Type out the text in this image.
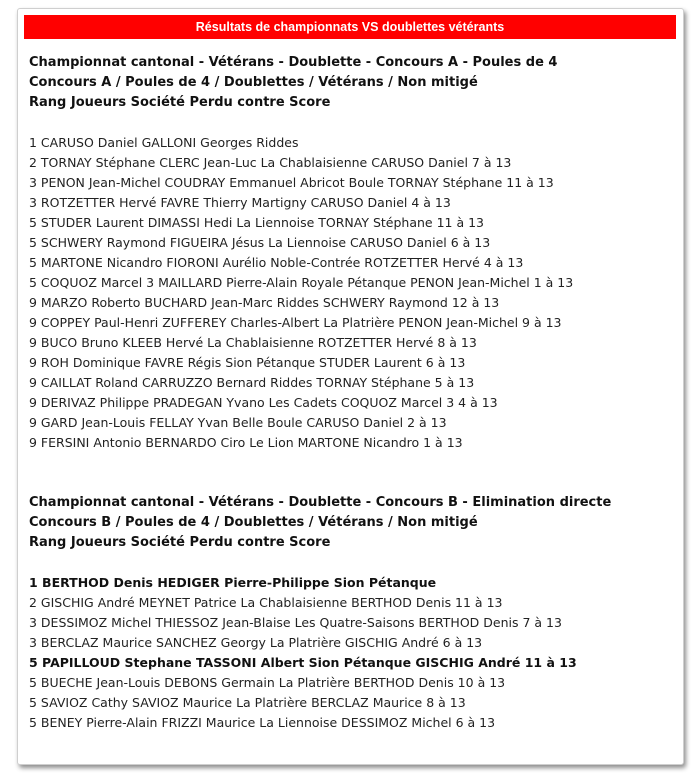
Résultats de championnats VS doublettes vétérants
Championnat cantonal - Vétérans - Doublette - Concours A - Poules de 4
Concours A / Poules de 4 / Doublettes / Vétérans / Non mitigé
Rang Joueurs Société Perdu contre Score
1 CARUSO Daniel GALLONI Georges Riddes
2 TORNAY Stéphane CLERC Jean-Luc La Chablaisienne CARUSO Daniel 7 à 13
3 PENON Jean-Michel COUDRAY Emmanuel Abricot Boule TORNAY Stéphane 11 à 13
3 ROTZETTER Hervé FAVRE Thierry Martigny CARUSO Daniel 4 à 13
5 STUDER Laurent DIMASSI Hedi La Liennoise TORNAY Stéphane 11 à 13
5 SCHWERY Raymond FIGUEIRA Jésus La Liennoise CARUSO Daniel 6 à 13
5 MARTONE Nicandro FIORONI Aurélio Noble-Contrée ROTZETTER Hervé 4 à 13
5 COQUOZ Marcel 3 MAILLARD Pierre-Alain Royale Pétanque PENON Jean-Michel 1 à 13
9 MARZO Roberto BUCHARD Jean-Marc Riddes SCHWERY Raymond 12 à 13
9 COPPEY Paul-Henri ZUFFEREY Charles-Albert La Platrière PENON Jean-Michel 9 à 13
9 BUCO Bruno KLEEB Hervé La Chablaisienne ROTZETTER Hervé 8 à 13
9 ROH Dominique FAVRE Régis Sion Pétanque STUDER Laurent 6 à 13
9 CAILLAT Roland CARRUZZO Bernard Riddes TORNAY Stéphane 5 à 13
9 DERIVAZ Philippe PRADEGAN Yvano Les Cadets COQUOZ Marcel 3 4 à 13
9 GARD Jean-Louis FELLAY Yvan Belle Boule CARUSO Daniel 2 à 13
9 FERSINI Antonio BERNARDO Ciro Le Lion MARTONE Nicandro 1 à 13
Championnat cantonal - Vétérans - Doublette - Concours B - Elimination directe
Concours B / Poules de 4 / Doublettes / Vétérans / Non mitigé
Rang Joueurs Société Perdu contre Score
1 BERTHOD Denis HEDIGER Pierre-Philippe Sion Pétanque
2 GISCHIG André MEYNET Patrice La Chablaisienne BERTHOD Denis 11 à 13
3 DESSIMOZ Michel THIESSOZ Jean-Blaise Les Quatre-Saisons BERTHOD Denis 7 à 13
3 BERCLAZ Maurice SANCHEZ Georgy La Platrière GISCHIG André 6 à 13
5 PAPILLOUD Stephane TASSONI Albert Sion Pétanque GISCHIG André 11 à 13
5 BUECHE Jean-Louis DEBONS Germain La Platrière BERTHOD Denis 10 à 13
5 SAVIOZ Cathy SAVIOZ Maurice La Platrière BERCLAZ Maurice 8 à 13
5 BENEY Pierre-Alain FRIZZI Maurice La Liennoise DESSIMOZ Michel 6 à 13
